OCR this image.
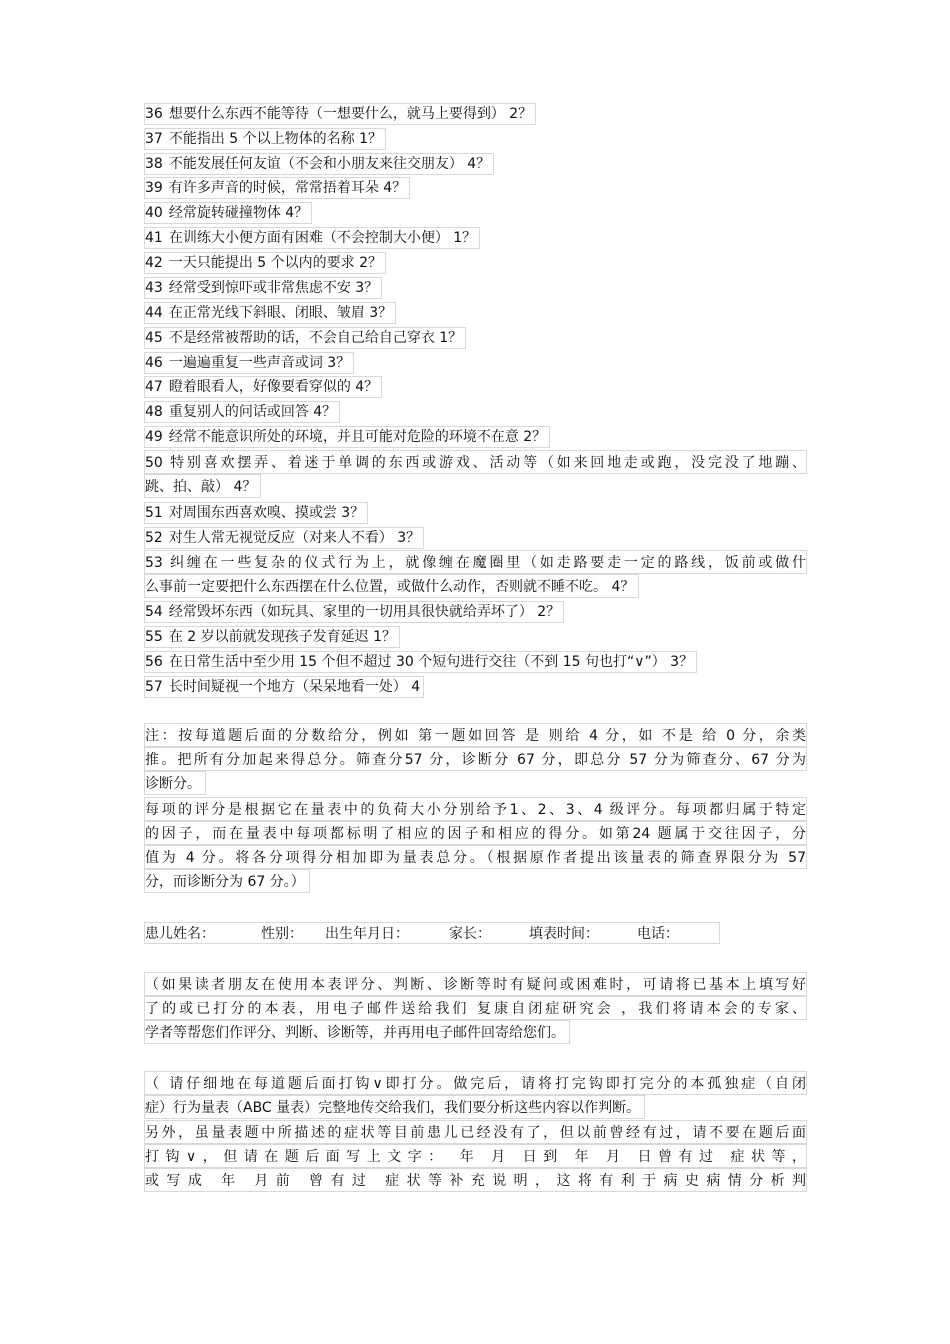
36 想要什么东西不能等待（一想要什么，就马上要得到） 2？
37 不能指出 5 个以上物体的名称 1？
38 不能发展任何友谊（不会和小朋友来往交朋友） 4？
39 有许多声音的时候，常常捂着耳朵 4？
40 经常旋转碰撞物体 4？
41 在训练大小便方面有困难（不会控制大小便） 1？
42 一天只能提出 5 个以内的要求 2？
43 经常受到惊吓或非常焦虑不安 3？
44 在正常光线下斜眼、闭眼、皱眉 3？
45 不是经常被帮助的话，不会自己给自己穿衣 1？
46 一遍遍重复一些声音或词 3？
47 瞪着眼看人，好像要看穿似的 4？
48 重复别人的问话或回答 4？
49 经常不能意识所处的环境，并且可能对危险的环境不在意 2？
50 特别喜欢摆弄、着迷于单调的东西或游戏、活动等（如来回地走或跑，没完没了地蹦、
跳、拍、敲） 4？
51 对周围东西喜欢嗅、摸或尝 3？
52 对生人常无视觉反应（对来人不看） 3？
53 纠缠在一些复杂的仪式行为上，就像缠在魔圈里（如走路要走一定的路线，饭前或做什
么事前一定要把什么东西摆在什么位置，或做什么动作，否则就不睡不吃。 4？
54 经常毁坏东西（如玩具、家里的一切用具很快就给弄坏了） 2？
55 在 2 岁以前就发现孩子发育延迟 1？
56 在日常生活中至少用 15 个但不超过 30 个短句进行交往（不到 15 句也打“∨”） 3？
57 长时间疑视一个地方（呆呆地看一处） 4
注：按每道题后面的分数给分，例如 第一题如回答 是 则给 4 分，如 不是 给 0 分，余类
推。把所有分加起来得总分。筛查分57 分，诊断分 67 分，即总分 57 分为筛查分、67 分为
诊断分。
每项的评分是根据它在量表中的负荷大小分别给予1、2、3、4 级评分。每项都归属于特定
的因子，而在量表中每项都标明了相应的因子和相应的得分。如第24 题属于交往因子，分
值为 4 分。将各分项得分相加即为量表总分。（根据原作者提出该量表的筛查界限分为 57
分，而诊断分为 67 分。）
患儿姓名：	性别： 出生年月日：	家长：	填表时间：	电话：
（如果读者朋友在使用本表评分、判断、诊断等时有疑问或困难时，可请将已基本上填写好
了的或已打分的本表，用电子邮件送给我们 复康自闭症研究会 ，我们将请本会的专家、
学者等帮您们作评分、判断、诊断等，并再用电子邮件回寄给您们。
（ 请仔细地在每道题后面打钩∨即打分。做完后，请将打完钩即打完分的本孤独症（自闭
症）行为量表（ABC 量表）完整地传交给我们，我们要分析这些内容以作判断。
另外，虽量表题中所描述的症状等目前患儿已经没有了，但以前曾经有过，请不要在题后面
打钩∨，但请在题后面写上文字： 年 月 日到 年 月 日曾有过 症状等，
或写成 年 月前 曾有过 症状等补充说明，这将有利于病史病情分析判
